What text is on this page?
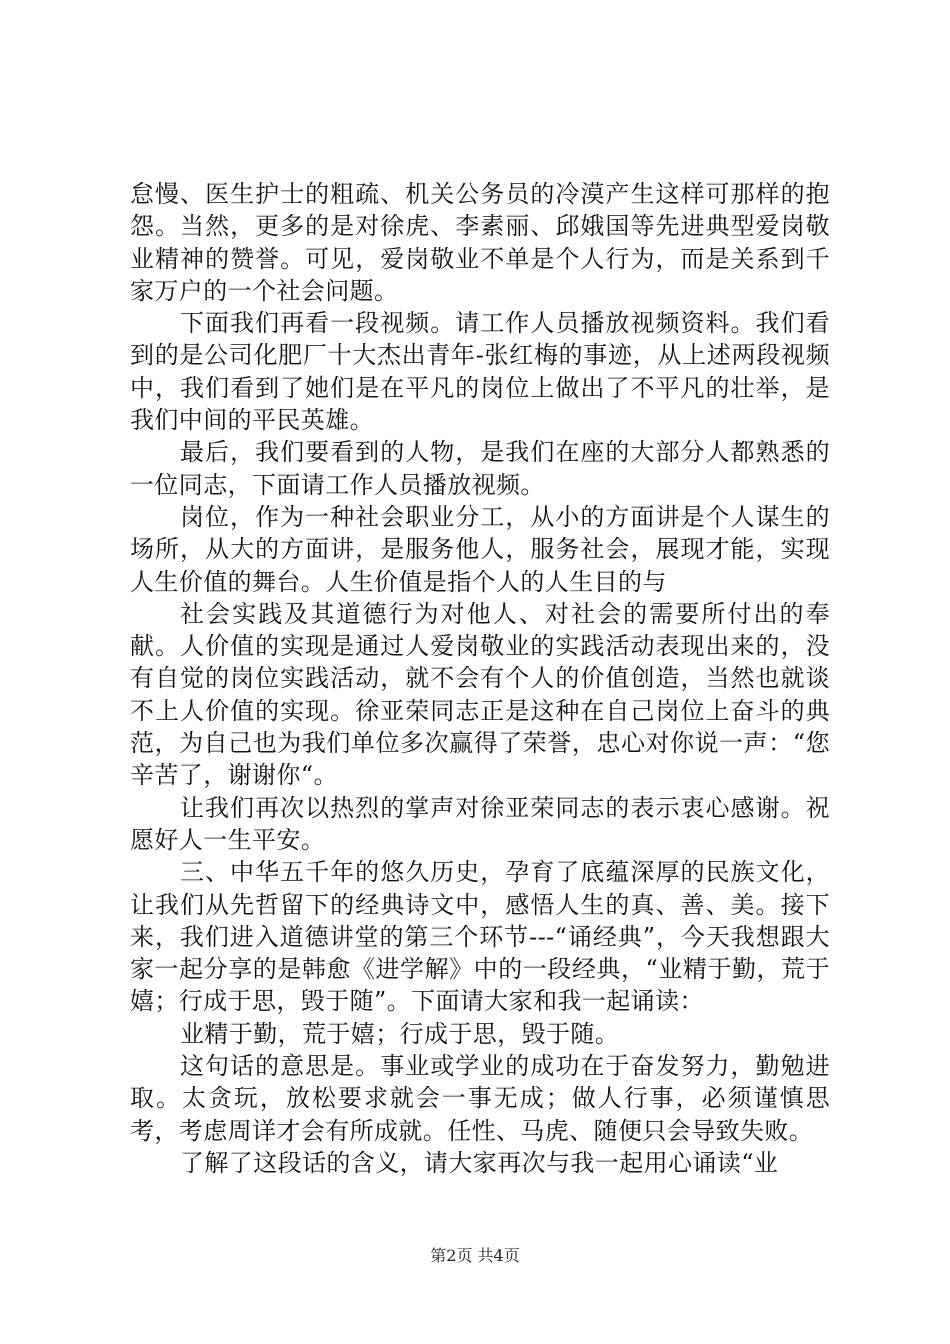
怠慢、医生护士的粗疏、机关公务员的冷漠产生这样可那样的抱怨。当然，更多的是对徐虎、李素丽、邱娥国等先进典型爱岗敬业精神的赞誉。可见，爱岗敬业不单是个人行为，而是关系到千家万户的一个社会问题。

下面我们再看一段视频。请工作人员播放视频资料。我们看到的是公司化肥厂十大杰出青年-张红梅的事迹，从上述两段视频中，我们看到了她们是在平凡的岗位上做出了不平凡的壮举，是我们中间的平民英雄。

最后，我们要看到的人物，是我们在座的大部分人都熟悉的一位同志，下面请工作人员播放视频。

岗位，作为一种社会职业分工，从小的方面讲是个人谋生的场所，从大的方面讲，是服务他人，服务社会，展现才能，实现人生价值的舞台。人生价值是指个人的人生目的与

社会实践及其道德行为对他人、对社会的需要所付出的奉献。人价值的实现是通过人爱岗敬业的实践活动表现出来的，没有自觉的岗位实践活动，就不会有个人的价值创造，当然也就谈不上人价值的实现。徐亚荣同志正是这种在自己岗位上奋斗的典范，为自己也为我们单位多次赢得了荣誉，忠心对你说一声：“您辛苦了，谢谢你“。

让我们再次以热烈的掌声对徐亚荣同志的表示衷心感谢。祝愿好人一生平安。

三、中华五千年的悠久历史，孕育了底蕴深厚的民族文化，让我们从先哲留下的经典诗文中，感悟人生的真、善、美。接下来，我们进入道德讲堂的第三个环节---“诵经典”，今天我想跟大家一起分享的是韩愈《进学解》中的一段经典，“业精于勤，荒于嬉；行成于思，毁于随”。下面请大家和我一起诵读：

业精于勤，荒于嬉；行成于思，毁于随。

这句话的意思是。事业或学业的成功在于奋发努力，勤勉进取。太贪玩，放松要求就会一事无成；做人行事，必须谨慎思考，考虑周详才会有所成就。任性、马虎、随便只会导致失败。

了解了这段话的含义，请大家再次与我一起用心诵读“业

第2页 共4页
